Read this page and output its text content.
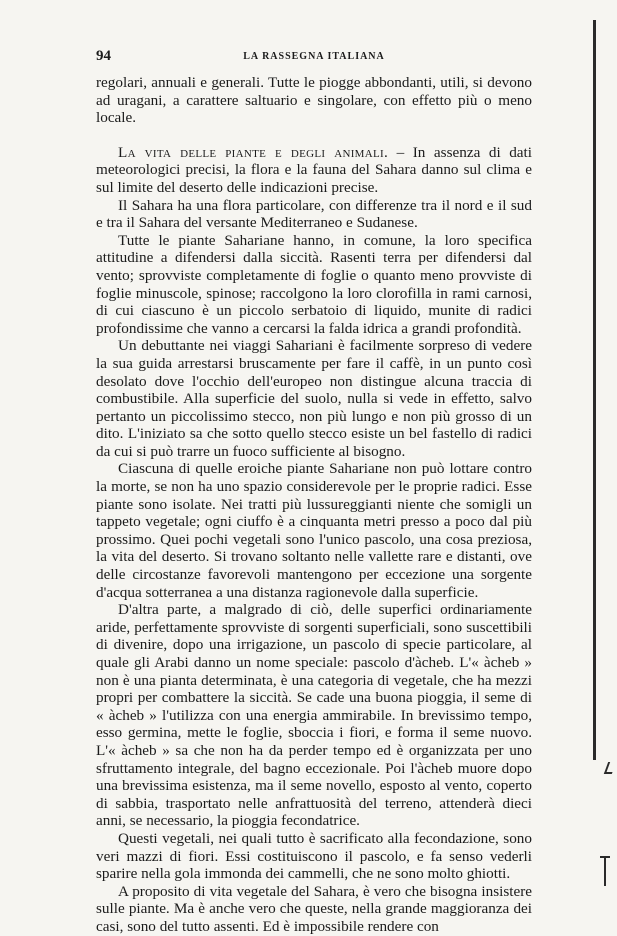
94	LA RASSEGNA ITALIANA

regolari, annuali e generali. Tutte le piogge abbondanti, utili, si devono ad uragani, a carattere saltuario e singolare, con effetto più o meno locale.

La vita delle piante e degli animali. – In assenza di dati meteorologici precisi, la flora e la fauna del Sahara danno sul clima e sul limite del deserto delle indicazioni precise.

Il Sahara ha una flora particolare, con differenze tra il nord e il sud e tra il Sahara del versante Mediterraneo e Sudanese.

Tutte le piante Sahariane hanno, in comune, la loro specifica attitudine a difendersi dalla siccità. Rasenti terra per difendersi dal vento; sprovviste completamente di foglie o quanto meno provviste di foglie minuscole, spinose; raccolgono la loro clorofilla in rami carnosi, di cui ciascuno è un piccolo serbatoio di liquido, munite di radici profondissime che vanno a cercarsi la falda idrica a grandi profondità.

Un debuttante nei viaggi Sahariani è facilmente sorpreso di vedere la sua guida arrestarsi bruscamente per fare il caffè, in un punto così desolato dove l'occhio dell'europeo non distingue alcuna traccia di combustibile. Alla superficie del suolo, nulla si vede in effetto, salvo pertanto un piccolissimo stecco, non più lungo e non più grosso di un dito. L'iniziato sa che sotto quello stecco esiste un bel fastello di radici da cui si può trarre un fuoco sufficiente al bisogno.

Ciascuna di quelle eroiche piante Sahariane non può lottare contro la morte, se non ha uno spazio considerevole per le proprie radici. Esse piante sono isolate. Nei tratti più lussureggianti niente che somigli un tappeto vegetale; ogni ciuffo è a cinquanta metri presso a poco dal più prossimo. Quei pochi vegetali sono l'unico pascolo, una cosa preziosa, la vita del deserto. Si trovano soltanto nelle vallette rare e distanti, ove delle circostanze favorevoli mantengono per eccezione una sorgente d'acqua sotterranea a una distanza ragionevole dalla superficie.

D'altra parte, a malgrado di ciò, delle superfici ordinariamente aride, perfettamente sprovviste di sorgenti superficiali, sono suscettibili di divenire, dopo una irrigazione, un pascolo di specie particolare, al quale gli Arabi danno un nome speciale: pascolo d'àcheb. L'« àcheb » non è una pianta determinata, è una categoria di vegetale, che ha mezzi propri per combattere la siccità. Se cade una buona pioggia, il seme di « àcheb » l'utilizza con una energia ammirabile. In brevissimo tempo, esso germina, mette le foglie, sboccia i fiori, e forma il seme nuovo. L'« àcheb » sa che non ha da perder tempo ed è organizzata per uno sfruttamento integrale, del bagno eccezionale. Poi l'àcheb muore dopo una brevissima esistenza, ma il seme novello, esposto al vento, coperto di sabbia, trasportato nelle anfrattuosità del terreno, attenderà dieci anni, se necessario, la pioggia fecondatrice.

Questi vegetali, nei quali tutto è sacrificato alla fecondazione, sono veri mazzi di fiori. Essi costituiscono il pascolo, e fa senso vederli sparire nella gola immonda dei cammelli, che ne sono molto ghiotti.

A proposito di vita vegetale del Sahara, è vero che bisogna insistere sulle piante. Ma è anche vero che queste, nella grande maggioranza dei casi, sono del tutto assenti. Ed è impossibile rendere con
